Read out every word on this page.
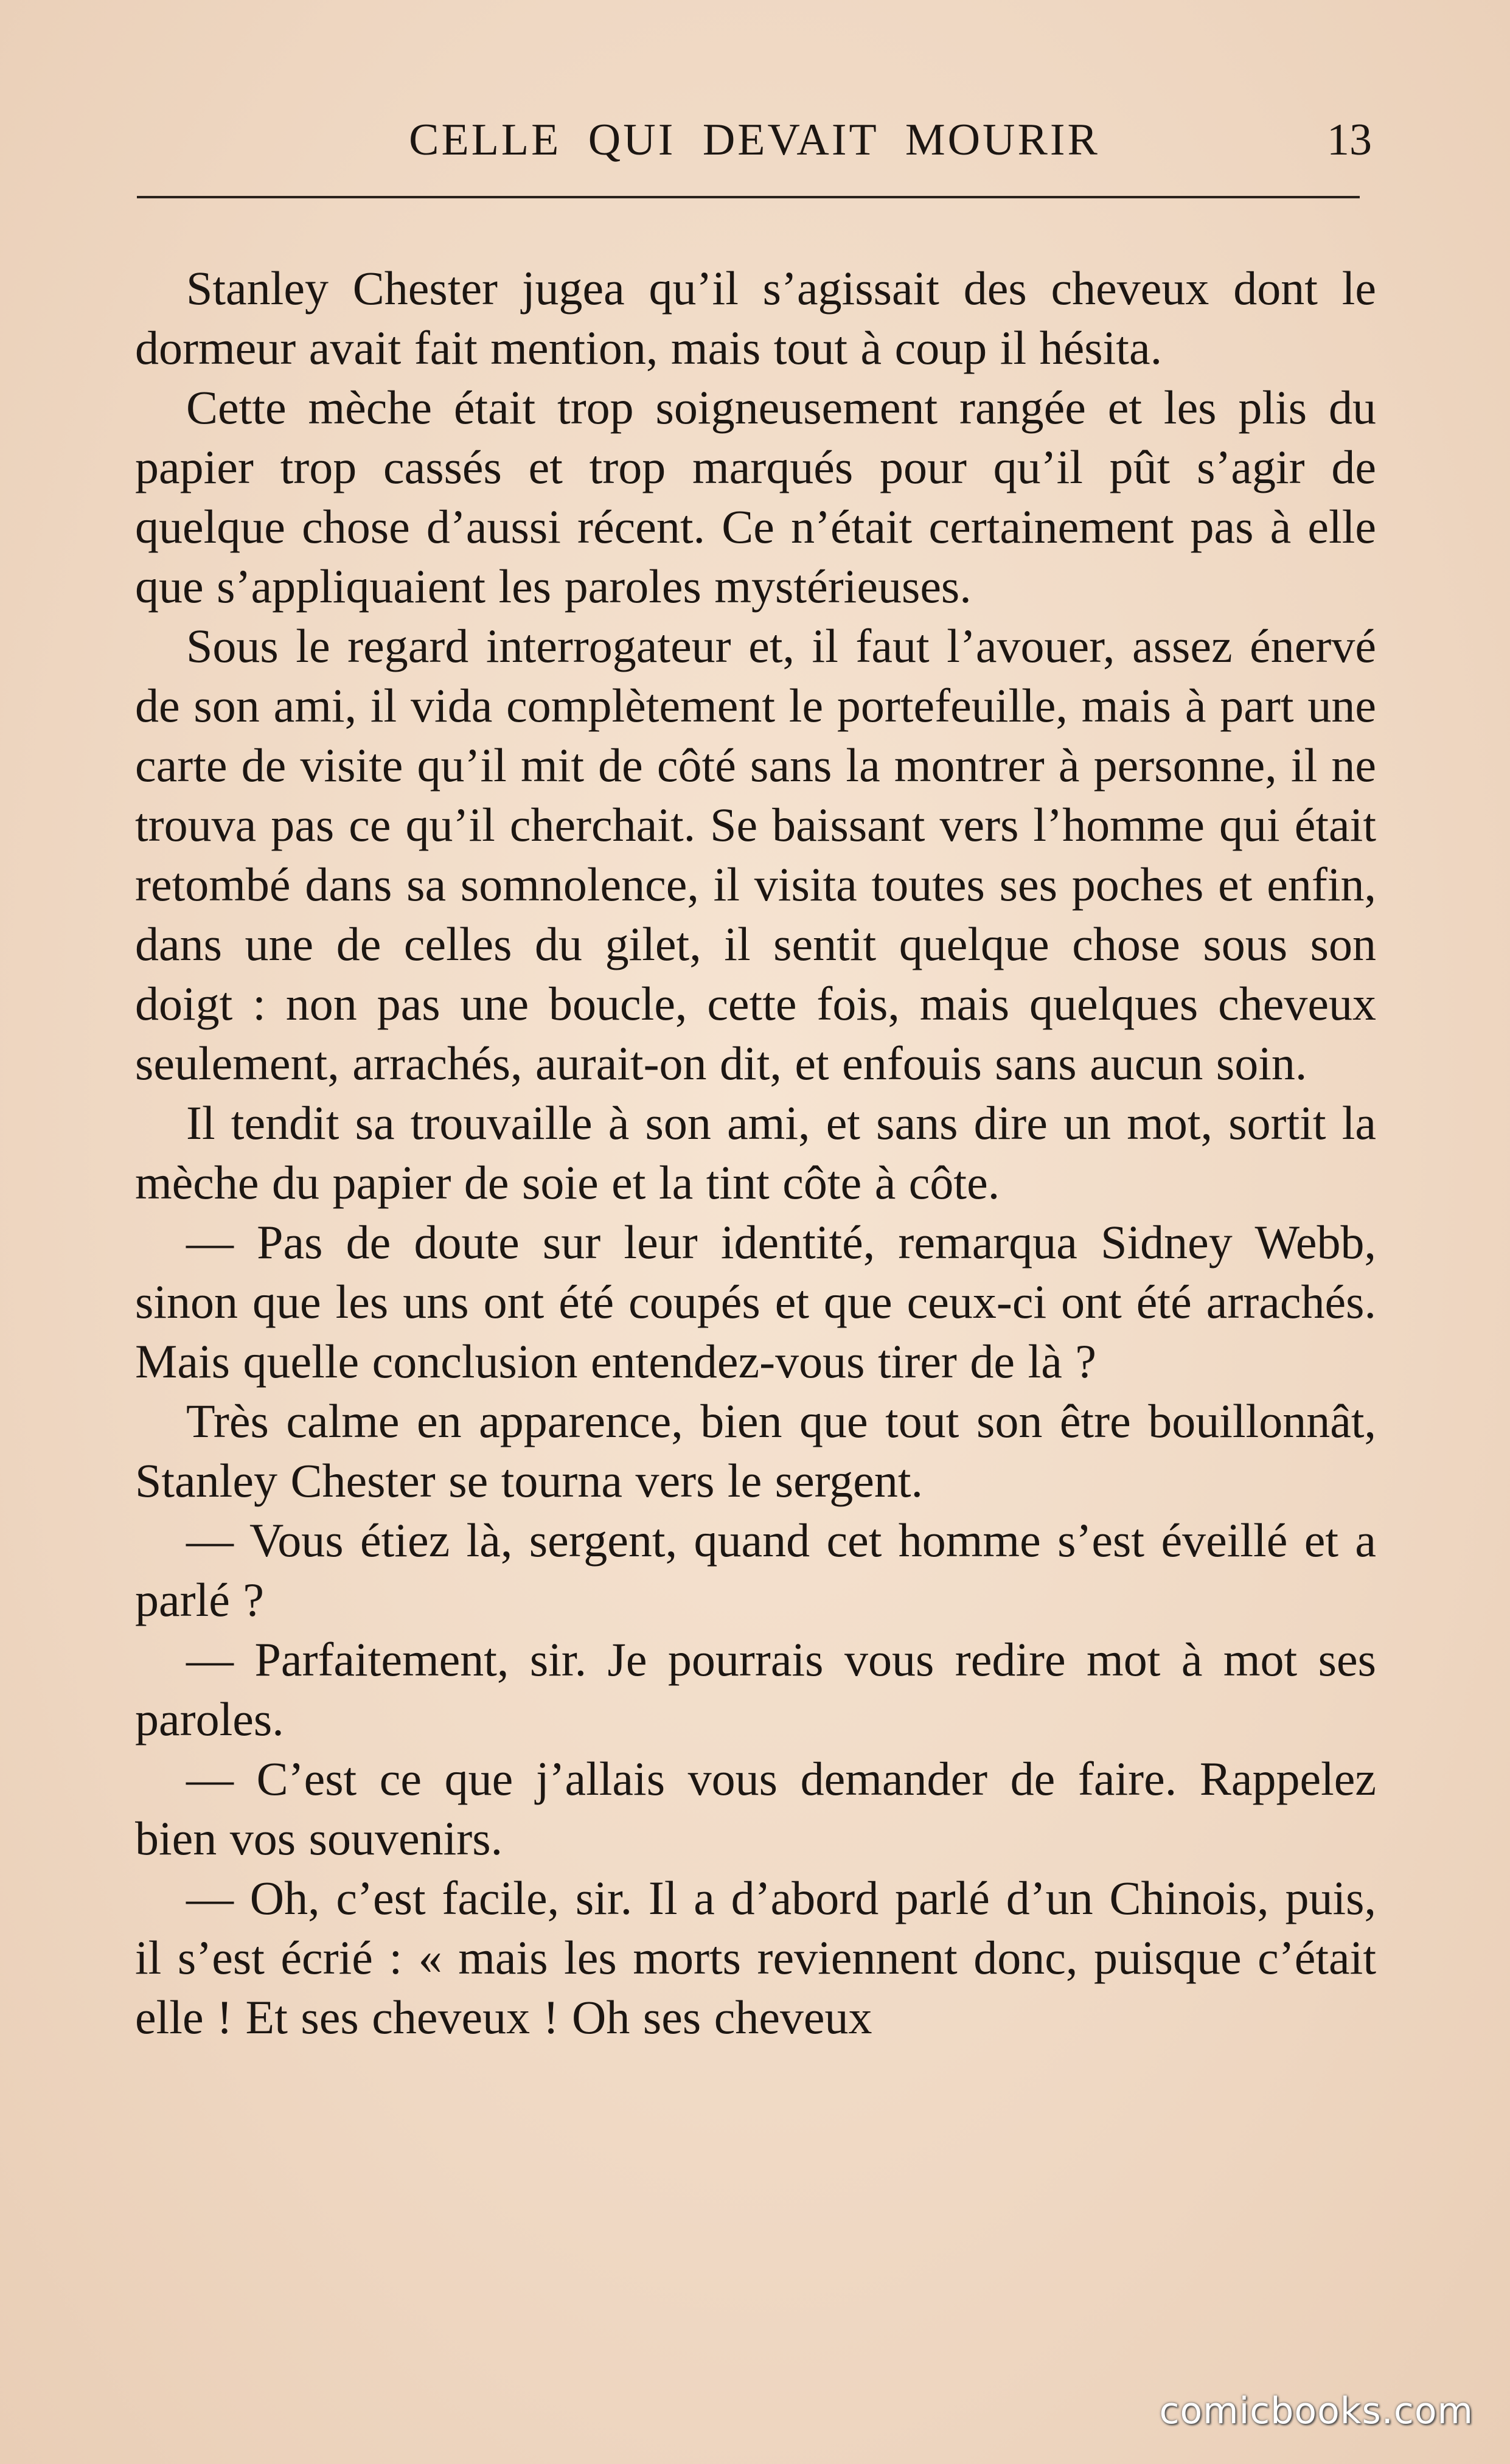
CELLE QUI DEVAIT MOURIR	13

Stanley Chester jugea qu’il s’agissait des cheveux dont le dormeur avait fait mention, mais tout à coup il hésita.

Cette mèche était trop soigneusement rangée et les plis du papier trop cassés et trop marqués pour qu’il pût s’agir de quelque chose d’aussi récent. Ce n’était certainement pas à elle que s’appliquaient les paroles mystérieuses.

Sous le regard interrogateur et, il faut l’avouer, assez énervé de son ami, il vida complètement le portefeuille, mais à part une carte de visite qu’il mit de côté sans la montrer à personne, il ne trouva pas ce qu’il cherchait. Se baissant vers l’homme qui était retombé dans sa somnolence, il visita toutes ses poches et enfin, dans une de celles du gilet, il sentit quelque chose sous son doigt : non pas une boucle, cette fois, mais quelques cheveux seulement, arrachés, aurait-on dit, et enfouis sans aucun soin.

Il tendit sa trouvaille à son ami, et sans dire un mot, sortit la mèche du papier de soie et la tint côte à côte.

— Pas de doute sur leur identité, remarqua Sidney Webb, sinon que les uns ont été coupés et que ceux-ci ont été arrachés. Mais quelle conclusion entendez-vous tirer de là ?

Très calme en apparence, bien que tout son être bouillonnât, Stanley Chester se tourna vers le sergent.

— Vous étiez là, sergent, quand cet homme s’est éveillé et a parlé ?

— Parfaitement, sir. Je pourrais vous redire mot à mot ses paroles.

— C’est ce que j’allais vous demander de faire. Rappelez bien vos souvenirs.

— Oh, c’est facile, sir. Il a d’abord parlé d’un Chinois, puis, il s’est écrié : « mais les morts reviennent donc, puisque c’était elle ! Et ses cheveux ! Oh ses cheveux

comicbooks.com
